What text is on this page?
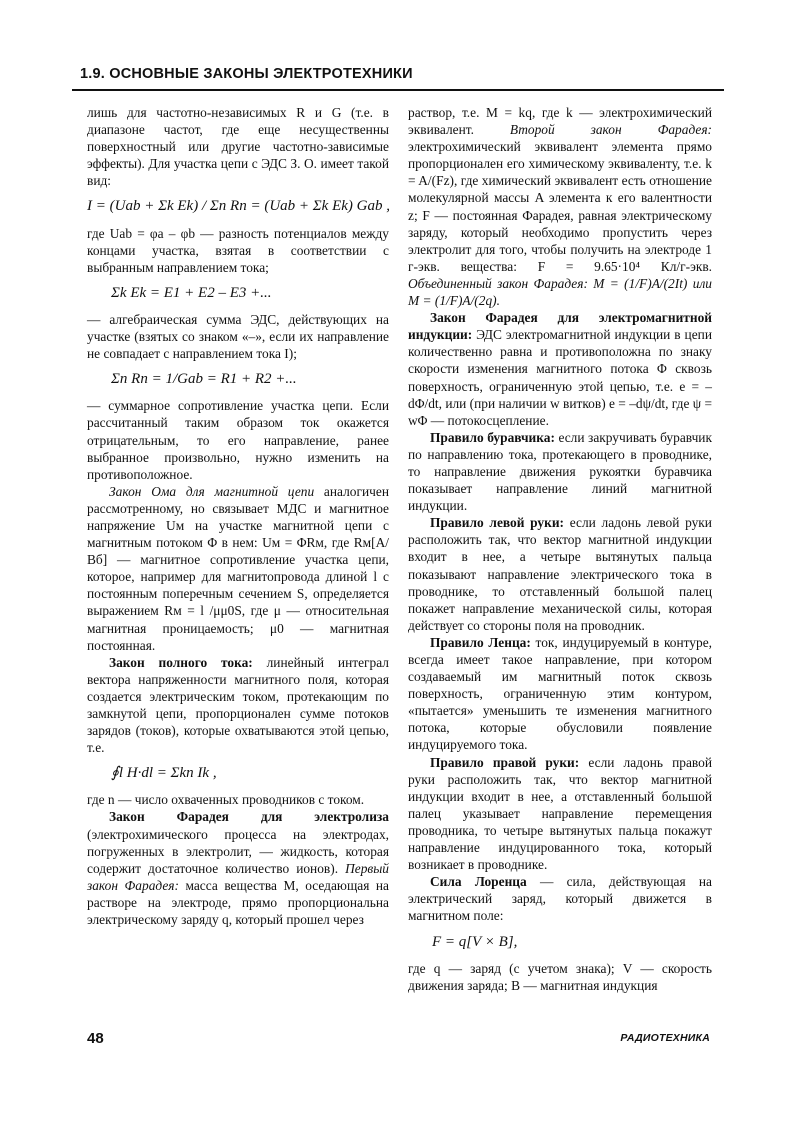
1.9. ОСНОВНЫЕ ЗАКОНЫ ЭЛЕКТРОТЕХНИКИ

лишь для частотно-независимых R и G (т.е. в диапазоне частот, где еще несущественны поверхностный или другие частотно-зависимые эффекты). Для участка цепи с ЭДС З. О. имеет такой вид:

I = (Uab + Σk Ek) / Σn Rn = (Uab + Σk Ek) Gab ,

где Uab = φa – φb — разность потенциалов между концами участка, взятая в соответствии с выбранным направлением тока;

Σk Ek = E1 + E2 – E3 +...

— алгебраическая сумма ЭДС, действующих на участке (взятых со знаком «–», если их направление не совпадает с направлением тока I);

Σn Rn = 1/Gab = R1 + R2 +...

— суммарное сопротивление участка цепи. Если рассчитанный таким образом ток окажется отрицательным, то его направление, ранее выбранное произвольно, нужно изменить на противоположное.

Закон Ома для магнитной цепи аналогичен рассмотренному, но связывает МДС и магнитное напряжение Uм на участке магнитной цепи с магнитным потоком Φ в нем: Uм = ΦRм, где Rм[А/Вб] — магнитное сопротивление участка цепи, которое, например для магнитопровода длиной l с постоянным поперечным сечением S, определяется выражением Rм = l /μμ0S, где μ — относительная магнитная проницаемость; μ0 — магнитная постоянная.

Закон полного тока: линейный интеграл вектора напряженности магнитного поля, которая создается электрическим током, протекающим по замкнутой цепи, пропорционален сумме потоков зарядов (токов), которые охватываются этой цепью, т.е.

∮l H·dl = Σkn Ik ,

где n — число охваченных проводников с током.

Закон Фарадея для электролиза (электрохимического процесса на электродах, погруженных в электролит, — жидкость, которая содержит достаточное количество ионов). Первый закон Фарадея: масса вещества M, оседающая на растворе на электроде, прямо пропорциональна электрическому заряду q, который прошел через

раствор, т.е. M = kq, где k — электрохимический эквивалент. Второй закон Фарадея: электрохимический эквивалент элемента прямо пропорционален его химическому эквиваленту, т.е. k = A/(Fz), где химический эквивалент есть отношение молекулярной массы A элемента к его валентности z; F — постоянная Фарадея, равная электрическому заряду, который необходимо пропустить через электролит для того, чтобы получить на электроде 1 г-экв. вещества: F = 9.65·10⁴ Кл/г-экв. Объединенный закон Фарадея: M = (1/F)A/(2It) или M = (1/F)A/(2q).

Закон Фарадея для электромагнитной индукции: ЭДС электромагнитной индукции в цепи количественно равна и противоположна по знаку скорости изменения магнитного потока Φ сквозь поверхность, ограниченную этой цепью, т.е. e = –dΦ/dt, или (при наличии w витков) e = –dψ/dt, где ψ = wΦ — потокосцепление.

Правило буравчика: если закручивать буравчик по направлению тока, протекающего в проводнике, то направление движения рукоятки буравчика показывает направление линий магнитной индукции.

Правило левой руки: если ладонь левой руки расположить так, что вектор магнитной индукции входит в нее, а четыре вытянутых пальца показывают направление электрического тока в проводнике, то отставленный большой палец покажет направление механической силы, которая действует со стороны поля на проводник.

Правило Ленца: ток, индуцируемый в контуре, всегда имеет такое направление, при котором создаваемый им магнитный поток сквозь поверхность, ограниченную этим контуром, «пытается» уменьшить те изменения магнитного потока, которые обусловили появление индуцируемого тока.

Правило правой руки: если ладонь правой руки расположить так, что вектор магнитной индукции входит в нее, а отставленный большой палец указывает направление перемещения проводника, то четыре вытянутых пальца покажут направление индуцированного тока, который возникает в проводнике.

Сила Лоренца — сила, действующая на электрический заряд, который движется в магнитном поле:

F = q[V × B],

где q — заряд (с учетом знака); V — скорость движения заряда; B — магнитная индукция

48	РАДИОТЕХНИКА
